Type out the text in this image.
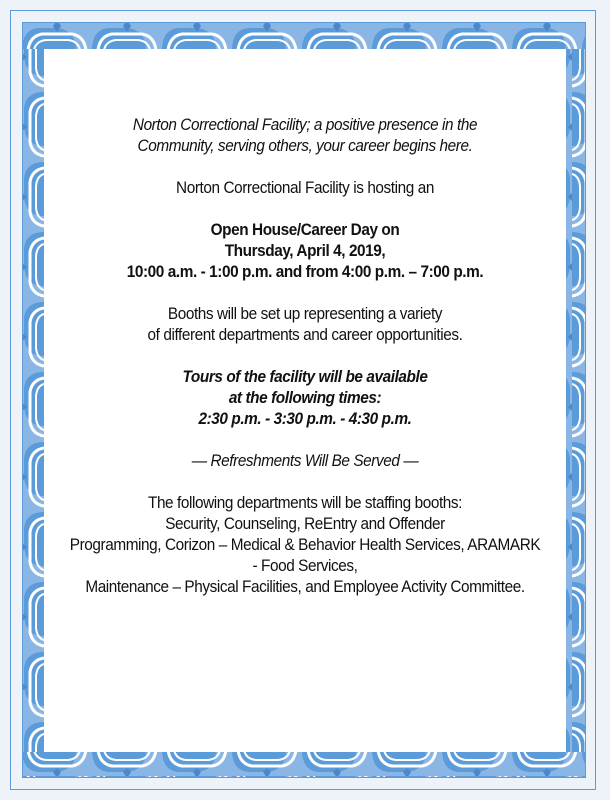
Norton Correctional Facility; a positive presence in the
Community, serving others, your career begins here.

Norton Correctional Facility is hosting an

Open House/Career Day on
Thursday, April 4, 2019,
10:00 a.m. - 1:00 p.m. and from 4:00 p.m. – 7:00 p.m.

Booths will be set up representing a variety
of different departments and career opportunities.

Tours of the facility will be available
at the following times:
2:30 p.m. - 3:30 p.m. - 4:30 p.m.

— Refreshments Will Be Served —

The following departments will be staffing booths:
Security, Counseling, ReEntry and Offender
Programming, Corizon – Medical & Behavior Health Services, ARAMARK
- Food Services,
Maintenance – Physical Facilities, and Employee Activity Committee.
